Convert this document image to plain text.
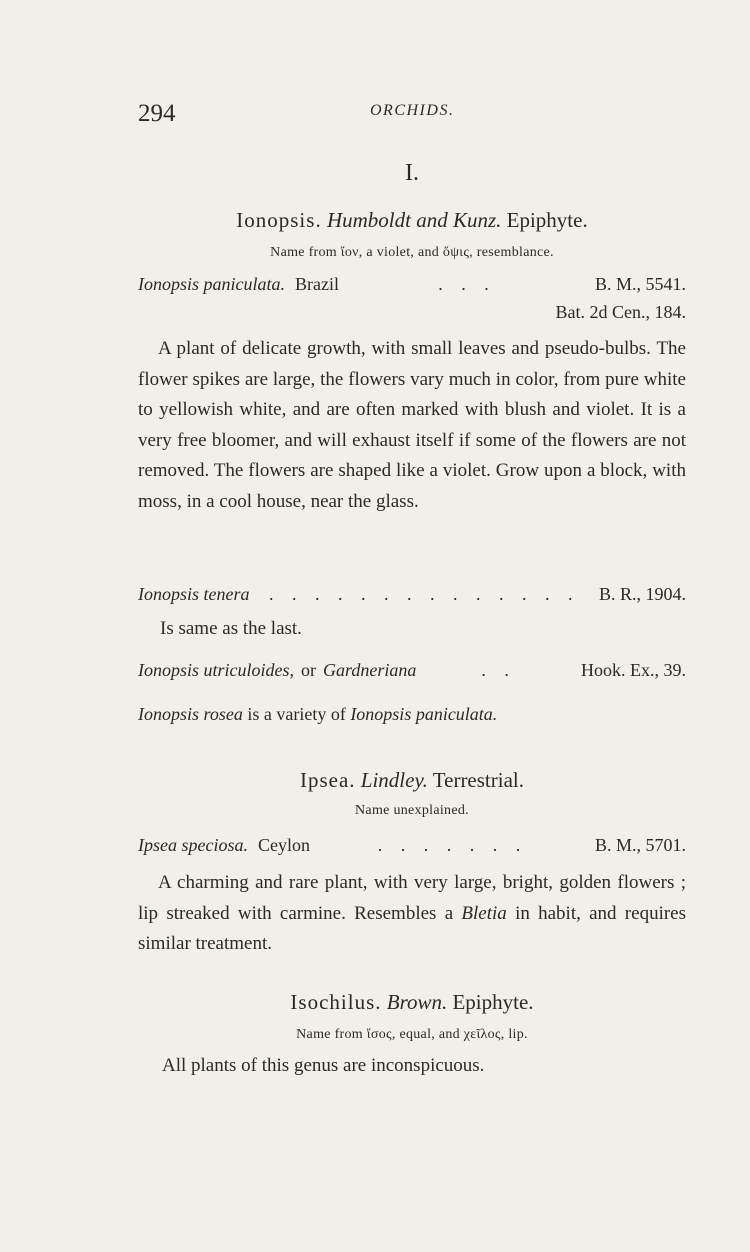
294	ORCHIDS.
I.
Ionopsis. Humboldt and Kunz. Epiphyte.
Name from ἴον, a violet, and ὄψις, resemblance.
Ionopsis paniculata. Brazil	. . .	B. M., 5541.
Bat. 2d Cen., 184.
A plant of delicate growth, with small leaves and pseudo-bulbs. The flower spikes are large, the flowers vary much in color, from pure white to yellowish white, and are often marked with blush and violet. It is a very free bloomer, and will exhaust itself if some of the flowers are not removed. The flowers are shaped like a violet. Grow upon a block, with moss, in a cool house, near the glass.
Ionopsis tenera	. . . . . . . . . . . . . .	B. R., 1904.
Is same as the last.
Ionopsis utriculoides, or Gardneriana	. .	Hook. Ex., 39.
Ionopsis rosea is a variety of Ionopsis paniculata.
Ipsea. Lindley. Terrestrial.
Name unexplained.
Ipsea speciosa. Ceylon	. . . . . . .	B. M., 5701.
A charming and rare plant, with very large, bright, golden flowers ; lip streaked with carmine. Resembles a Bletia in habit, and requires similar treatment.
Isochilus. Brown. Epiphyte.
Name from ἴσος, equal, and χεῖλος, lip.
All plants of this genus are inconspicuous.
